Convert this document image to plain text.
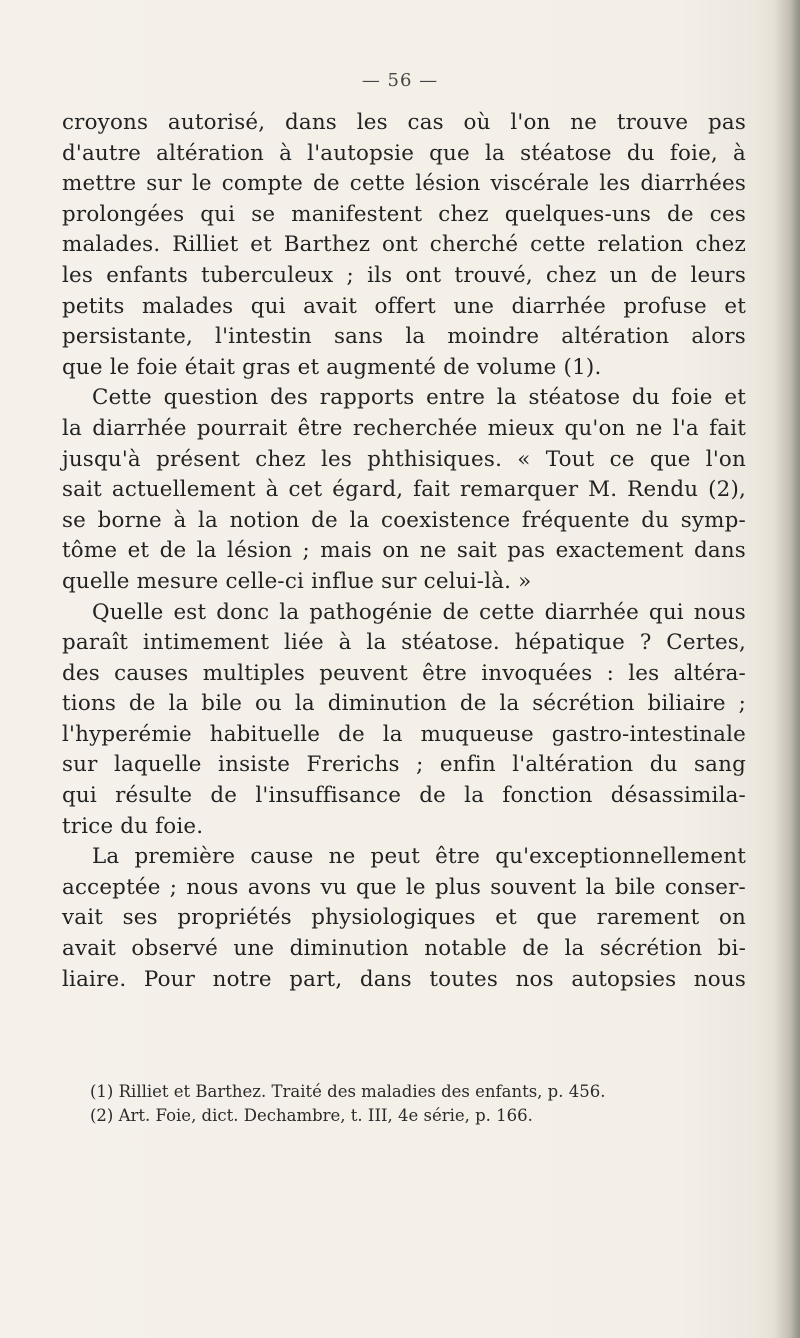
— 56 —
croyons autorisé, dans les cas où l'on ne trouve pas
d'autre altération à l'autopsie que la stéatose du foie, à
mettre sur le compte de cette lésion viscérale les diarrhées
prolongées qui se manifestent chez quelques-uns de ces
malades. Rilliet et Barthez ont cherché cette relation chez
les enfants tuberculeux ; ils ont trouvé, chez un de leurs
petits malades qui avait offert une diarrhée profuse et
persistante, l'intestin sans la moindre altération alors
que le foie était gras et augmenté de volume (1).
Cette question des rapports entre la stéatose du foie et
la diarrhée pourrait être recherchée mieux qu'on ne l'a fait
jusqu'à présent chez les phthisiques. « Tout ce que l'on
sait actuellement à cet égard, fait remarquer M. Rendu (2),
se borne à la notion de la coexistence fréquente du symp-
tôme et de la lésion ; mais on ne sait pas exactement dans
quelle mesure celle-ci influe sur celui-là. »
Quelle est donc la pathogénie de cette diarrhée qui nous
paraît intimement liée à la stéatose. hépatique ? Certes,
des causes multiples peuvent être invoquées : les altéra-
tions de la bile ou la diminution de la sécrétion biliaire ;
l'hyperémie habituelle de la muqueuse gastro-intestinale
sur laquelle insiste Frerichs ; enfin l'altération du sang
qui résulte de l'insuffisance de la fonction désassimila-
trice du foie.
La première cause ne peut être qu'exceptionnellement
acceptée ; nous avons vu que le plus souvent la bile conser-
vait ses propriétés physiologiques et que rarement on
avait observé une diminution notable de la sécrétion bi-
liaire. Pour notre part, dans toutes nos autopsies nous
(1) Rilliet et Barthez. Traité des maladies des enfants, p. 456.
(2) Art. Foie, dict. Dechambre, t. III, 4e série, p. 166.
